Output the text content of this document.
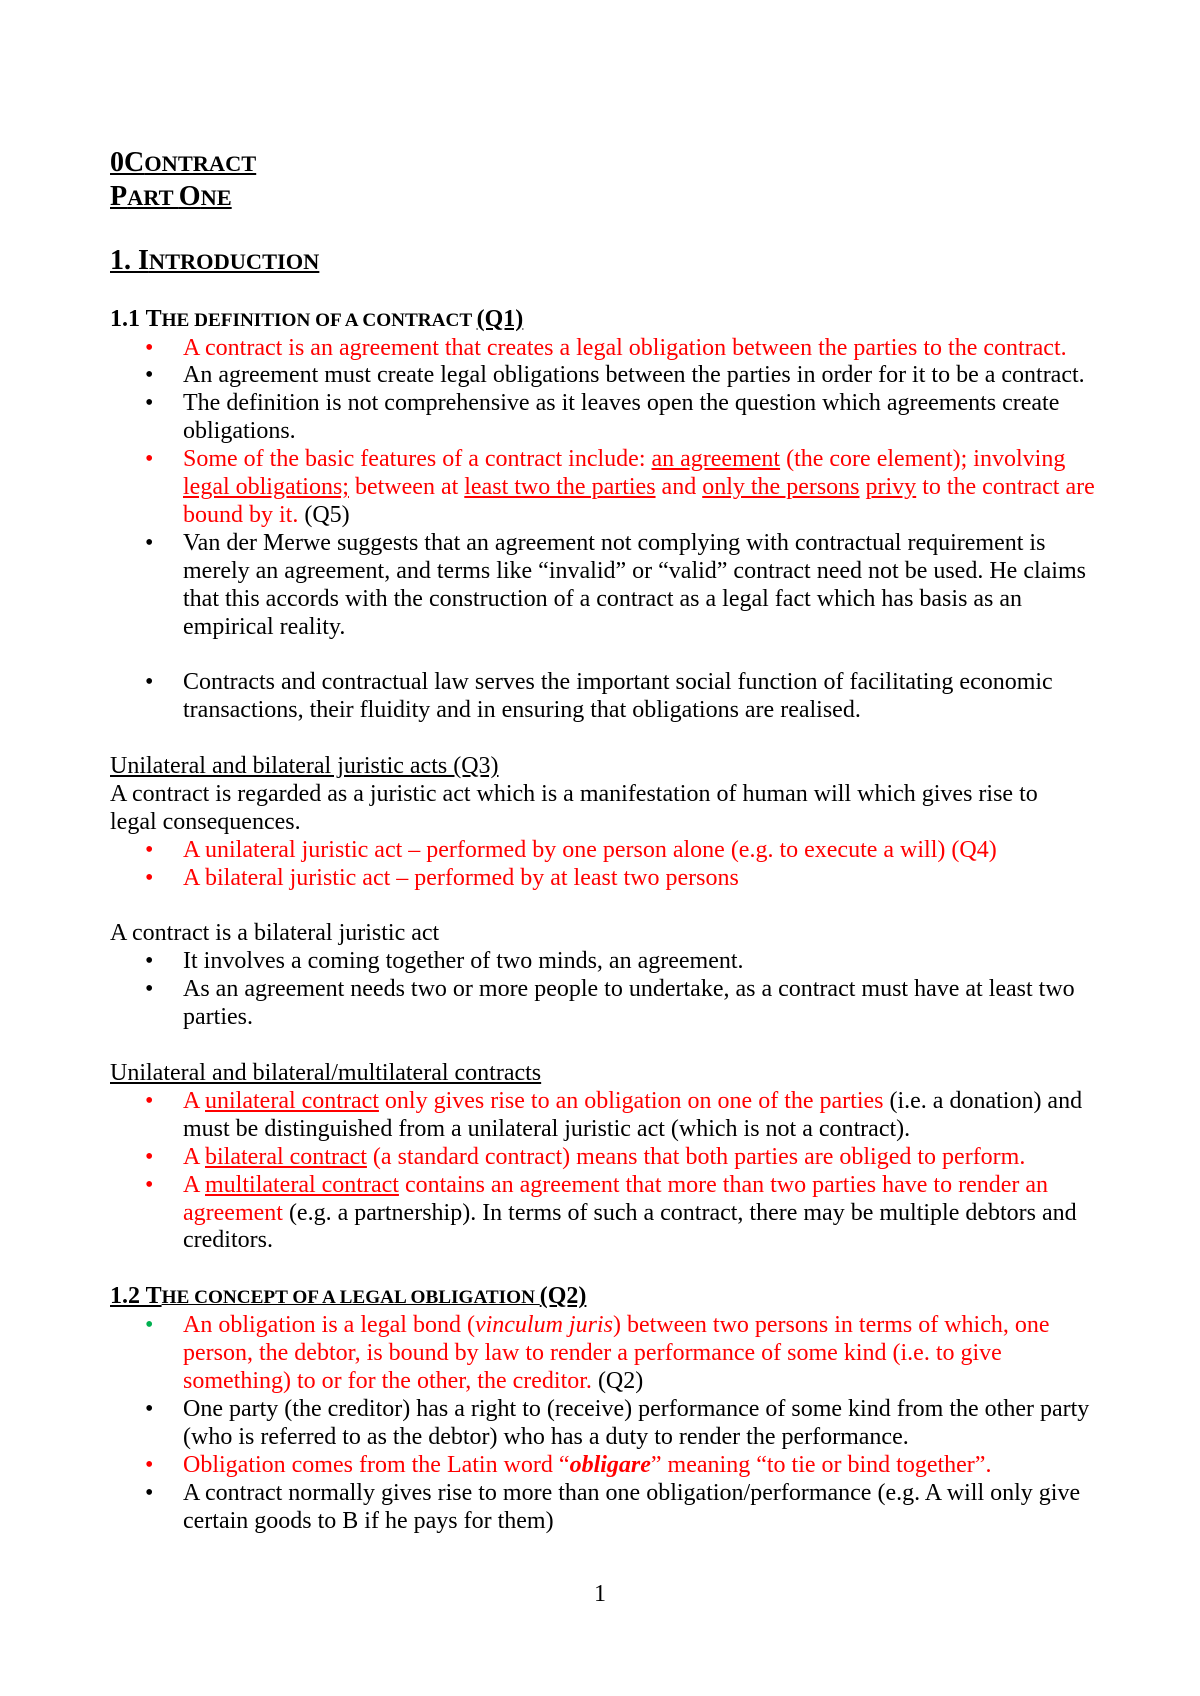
0CONTRACT
PART ONE
1. INTRODUCTION
1.1 THE DEFINITION OF A CONTRACT (Q1)
• A contract is an agreement that creates a legal obligation between the parties to the contract.
• An agreement must create legal obligations between the parties in order for it to be a contract.
• The definition is not comprehensive as it leaves open the question which agreements create obligations.
• Some of the basic features of a contract include: an agreement (the core element); involving legal obligations; between at least two the parties and only the persons privy to the contract are bound by it. (Q5)
• Van der Merwe suggests that an agreement not complying with contractual requirement is merely an agreement, and terms like “invalid” or “valid” contract need not be used. He claims that this accords with the construction of a contract as a legal fact which has basis as an empirical reality.
• Contracts and contractual law serves the important social function of facilitating economic transactions, their fluidity and in ensuring that obligations are realised.
Unilateral and bilateral juristic acts (Q3)
A contract is regarded as a juristic act which is a manifestation of human will which gives rise to legal consequences.
• A unilateral juristic act – performed by one person alone (e.g. to execute a will) (Q4)
• A bilateral juristic act – performed by at least two persons
A contract is a bilateral juristic act
• It involves a coming together of two minds, an agreement.
• As an agreement needs two or more people to undertake, as a contract must have at least two parties.
Unilateral and bilateral/multilateral contracts
• A unilateral contract only gives rise to an obligation on one of the parties (i.e. a donation) and must be distinguished from a unilateral juristic act (which is not a contract).
• A bilateral contract (a standard contract) means that both parties are obliged to perform.
• A multilateral contract contains an agreement that more than two parties have to render an agreement (e.g. a partnership). In terms of such a contract, there may be multiple debtors and creditors.
1.2 THE CONCEPT OF A LEGAL OBLIGATION (Q2)
• An obligation is a legal bond (vinculum juris) between two persons in terms of which, one person, the debtor, is bound by law to render a performance of some kind (i.e. to give something) to or for the other, the creditor. (Q2)
• One party (the creditor) has a right to (receive) performance of some kind from the other party (who is referred to as the debtor) who has a duty to render the performance.
• Obligation comes from the Latin word “obligare” meaning “to tie or bind together”.
• A contract normally gives rise to more than one obligation/performance (e.g. A will only give certain goods to B if he pays for them)
1
